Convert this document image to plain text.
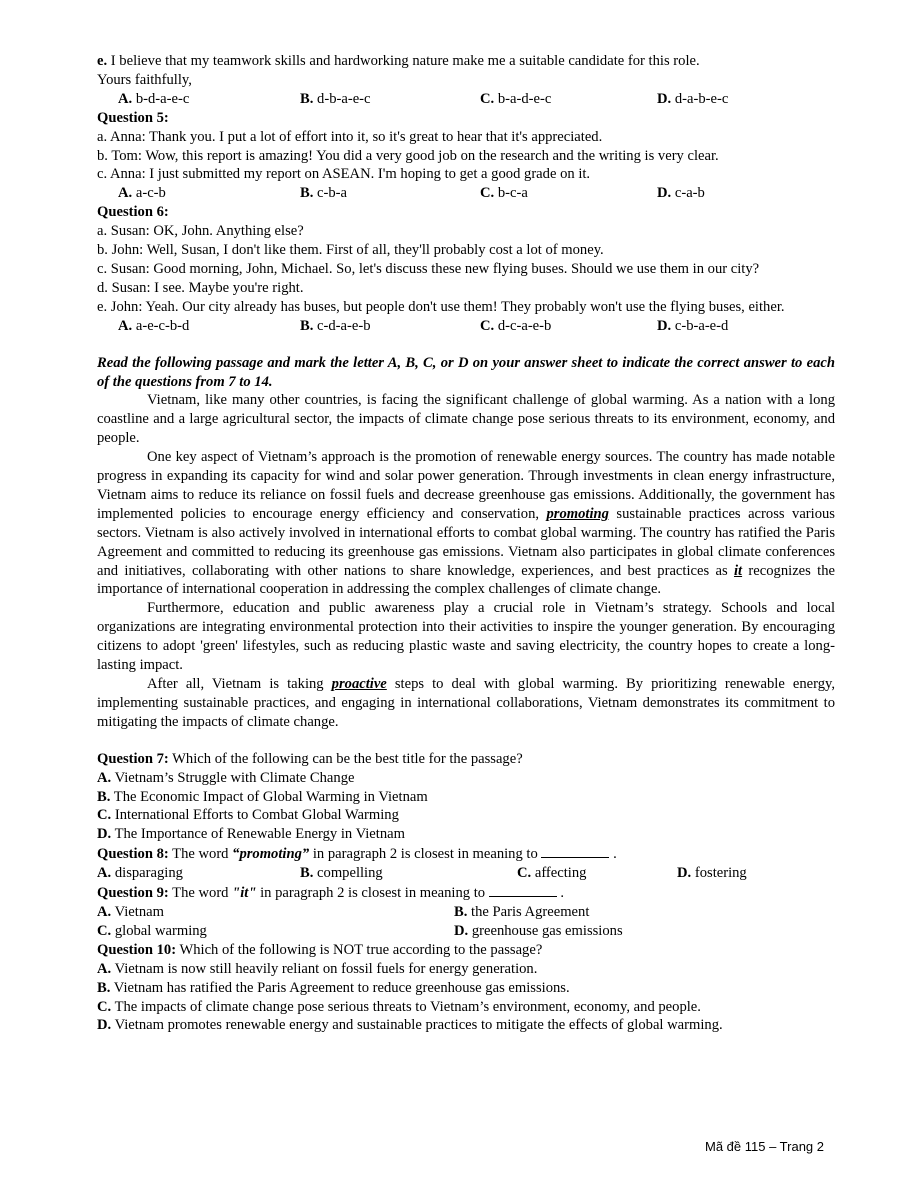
e. I believe that my teamwork skills and hardworking nature make me a suitable candidate for this role.
Yours faithfully,
A. b-d-a-e-c	B. d-b-a-e-c	C. b-a-d-e-c	D. d-a-b-e-c
Question 5:
a. Anna: Thank you. I put a lot of effort into it, so it's great to hear that it's appreciated.
b. Tom: Wow, this report is amazing! You did a very good job on the research and the writing is very clear.
c. Anna: I just submitted my report on ASEAN. I'm hoping to get a good grade on it.
A. a-c-b	B. c-b-a	C. b-c-a	D. c-a-b
Question 6:
a. Susan: OK, John. Anything else?
b. John: Well, Susan, I don't like them. First of all, they'll probably cost a lot of money.
c. Susan: Good morning, John, Michael. So, let's discuss these new flying buses. Should we use them in our city?
d. Susan: I see. Maybe you're right.
e. John: Yeah. Our city already has buses, but people don't use them! They probably won't use the flying buses, either.
A. a-e-c-b-d	B. c-d-a-e-b	C. d-c-a-e-b	D. c-b-a-e-d
Read the following passage and mark the letter A, B, C, or D on your answer sheet to indicate the correct answer to each of the questions from 7 to 14.
Vietnam, like many other countries, is facing the significant challenge of global warming. As a nation with a long coastline and a large agricultural sector, the impacts of climate change pose serious threats to its environment, economy, and people.
One key aspect of Vietnam’s approach is the promotion of renewable energy sources. The country has made notable progress in expanding its capacity for wind and solar power generation. Through investments in clean energy infrastructure, Vietnam aims to reduce its reliance on fossil fuels and decrease greenhouse gas emissions. Additionally, the government has implemented policies to encourage energy efficiency and conservation, promoting sustainable practices across various sectors. Vietnam is also actively involved in international efforts to combat global warming. The country has ratified the Paris Agreement and committed to reducing its greenhouse gas emissions. Vietnam also participates in global climate conferences and initiatives, collaborating with other nations to share knowledge, experiences, and best practices as it recognizes the importance of international cooperation in addressing the complex challenges of climate change.
Furthermore, education and public awareness play a crucial role in Vietnam’s strategy. Schools and local organizations are integrating environmental protection into their activities to inspire the younger generation. By encouraging citizens to adopt 'green' lifestyles, such as reducing plastic waste and saving electricity, the country hopes to create a long-lasting impact.
After all, Vietnam is taking proactive steps to deal with global warming. By prioritizing renewable energy, implementing sustainable practices, and engaging in international collaborations, Vietnam demonstrates its commitment to mitigating the impacts of climate change.
Question 7: Which of the following can be the best title for the passage?
A. Vietnam’s Struggle with Climate Change
B. The Economic Impact of Global Warming in Vietnam
C. International Efforts to Combat Global Warming
D. The Importance of Renewable Energy in Vietnam
Question 8: The word “promoting” in paragraph 2 is closest in meaning to	.
A. disparaging	B. compelling	C. affecting	D. fostering
Question 9: The word "it" in paragraph 2 is closest in meaning to	.
A. Vietnam	B. the Paris Agreement
C. global warming	D. greenhouse gas emissions
Question 10: Which of the following is NOT true according to the passage?
A. Vietnam is now still heavily reliant on fossil fuels for energy generation.
B. Vietnam has ratified the Paris Agreement to reduce greenhouse gas emissions.
C. The impacts of climate change pose serious threats to Vietnam’s environment, economy, and people.
D. Vietnam promotes renewable energy and sustainable practices to mitigate the effects of global warming.
Mã đề 115 – Trang 2
